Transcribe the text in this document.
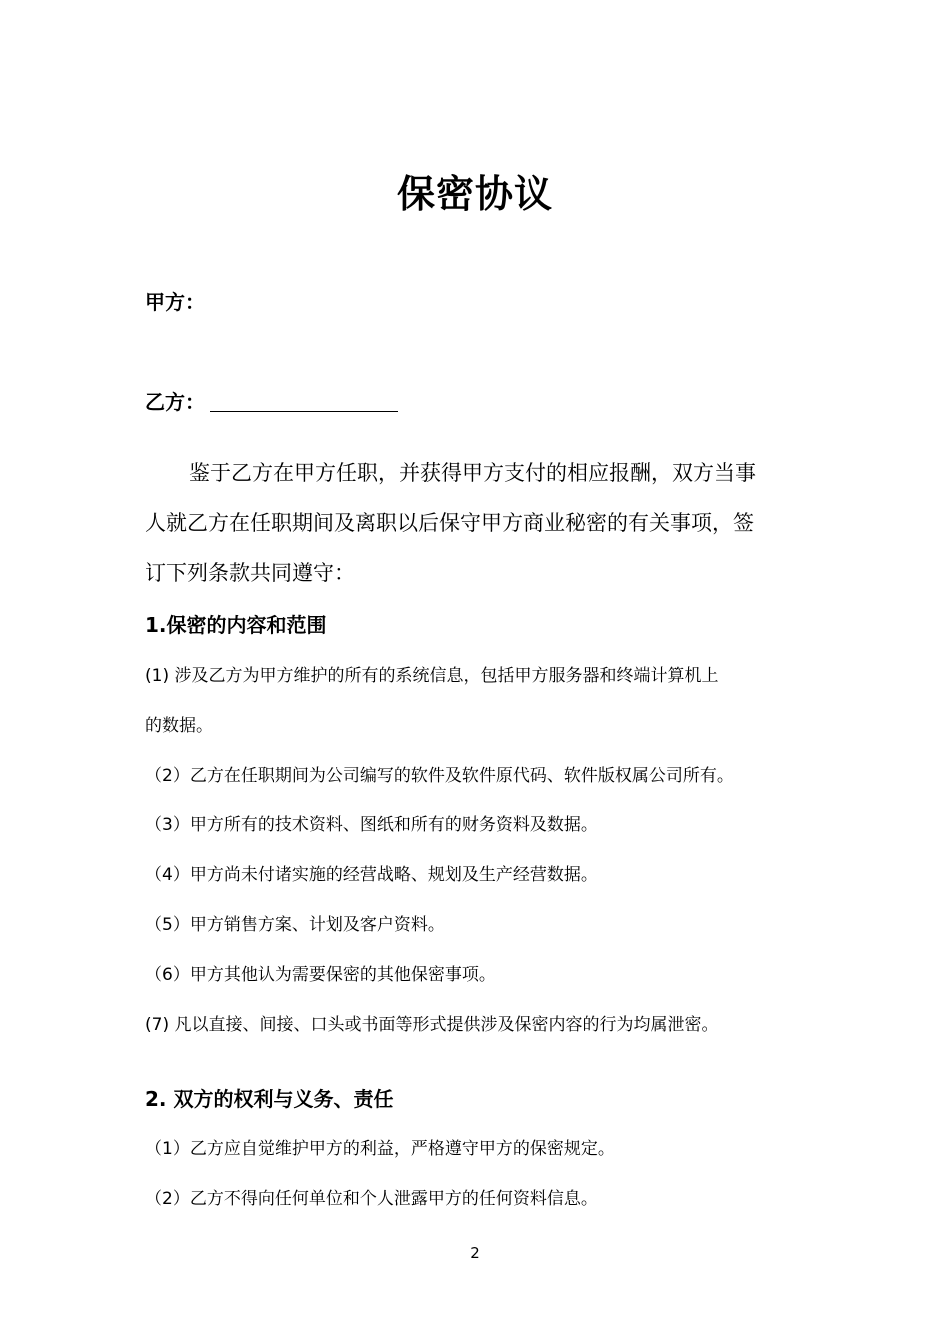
保密协议
甲方：
乙方：
鉴于乙方在甲方任职，并获得甲方支付的相应报酬，双方当事
人就乙方在任职期间及离职以后保守甲方商业秘密的有关事项，签
订下列条款共同遵守：
1.保密的内容和范围
(1) 涉及乙方为甲方维护的所有的系统信息，包括甲方服务器和终端计算机上
的数据。
（2）乙方在任职期间为公司编写的软件及软件原代码、软件版权属公司所有。
（3）甲方所有的技术资料、图纸和所有的财务资料及数据。
（4）甲方尚未付诸实施的经营战略、规划及生产经营数据。
（5）甲方销售方案、计划及客户资料。
（6）甲方其他认为需要保密的其他保密事项。
(7) 凡以直接、间接、口头或书面等形式提供涉及保密内容的行为均属泄密。
2. 双方的权利与义务、责任
（1）乙方应自觉维护甲方的利益，严格遵守甲方的保密规定。
（2）乙方不得向任何单位和个人泄露甲方的任何资料信息。
2
